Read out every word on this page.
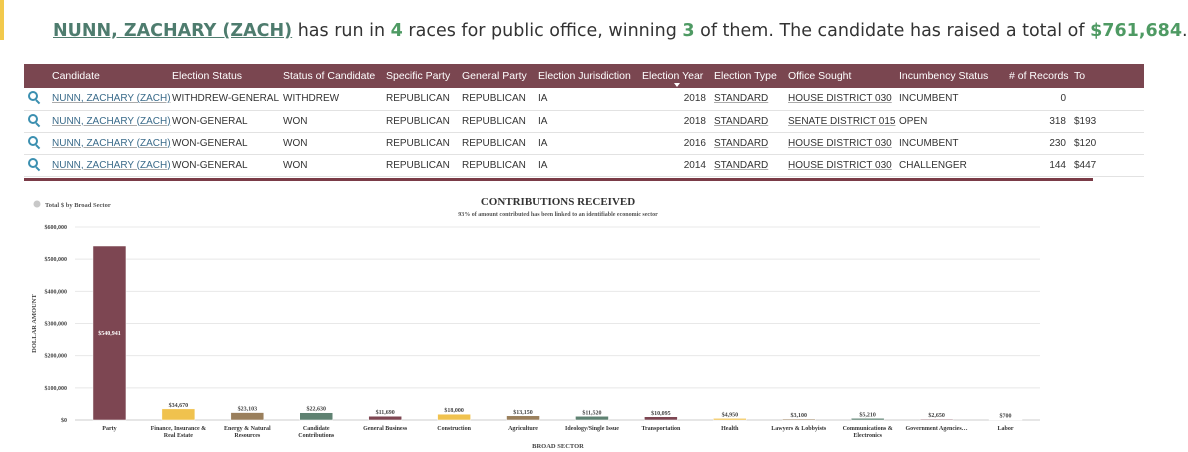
NUNN, ZACHARY (ZACH) has run in 4 races for public office, winning 3 of them. The candidate has raised a total of $761,684.
	Candidate	Election Status	Status of Candidate	Specific Party	General Party	Election Jurisdiction	Election Year	Election Type	Office Sought	Incumbency Status	# of Records	To
	NUNN, ZACHARY (ZACH)	WITHDREW-GENERAL	WITHDREW	REPUBLICAN	REPUBLICAN	IA	2018	STANDARD	HOUSE DISTRICT 030	INCUMBENT	0	
	NUNN, ZACHARY (ZACH)	WON-GENERAL	WON	REPUBLICAN	REPUBLICAN	IA	2018	STANDARD	SENATE DISTRICT 015	OPEN	318	$193
	NUNN, ZACHARY (ZACH)	WON-GENERAL	WON	REPUBLICAN	REPUBLICAN	IA	2016	STANDARD	HOUSE DISTRICT 030	INCUMBENT	230	$120
	NUNN, ZACHARY (ZACH)	WON-GENERAL	WON	REPUBLICAN	REPUBLICAN	IA	2014	STANDARD	HOUSE DISTRICT 030	CHALLENGER	144	$447
Total $ by Broad Sector	CONTRIBUTIONS RECEIVED
93% of amount contributed has been linked to an identifiable economic sector
$0
$100,000
$200,000
$300,000
$400,000
$500,000
$600,000
DOLLAR AMOUNT	$540,941
Party
$34,670
Finance, Insurance &
Real Estate
$23,103
Energy & Natural
Resources
$22,630
Candidate
Contributions
$11,690
General Business
$18,000
Construction
$13,150
Agriculture
$11,520
Ideology/Single Issue
$10,095
Transportation
$4,950
Health
$3,100
Lawyers & Lobbyists
$5,210
Communications &
Electronics
$2,650
Government Agencies…
$700
Labor
BROAD SECTOR
